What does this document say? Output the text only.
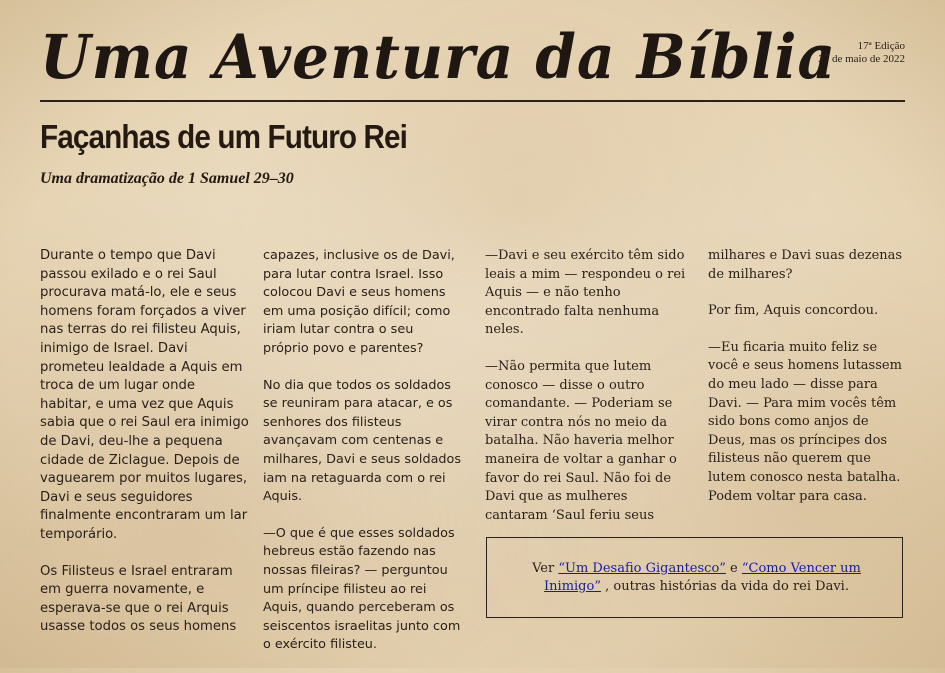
Uma Aventura da Bíblia	17ª Edição
27 de maio de 2022
Façanhas de um Futuro Rei
Uma dramatização de 1 Samuel 29–30

Durante o tempo que Davi passou exilado e o rei Saul procurava matá-lo, ele e seus homens foram forçados a viver nas terras do rei filisteu Aquis, inimigo de Israel. Davi prometeu lealdade a Aquis em troca de um lugar onde habitar, e uma vez que Aquis sabia que o rei Saul era inimigo de Davi, deu-lhe a pequena cidade de Ziclague. Depois de vaguearem por muitos lugares, Davi e seus seguidores finalmente encontraram um lar temporário.

Os Filisteus e Israel entraram em guerra novamente, e esperava-se que o rei Arquis usasse todos os seus homens

capazes, inclusive os de Davi, para lutar contra Israel. Isso colocou Davi e seus homens em uma posição difícil; como iriam lutar contra o seu próprio povo e parentes?

No dia que todos os soldados se reuniram para atacar, e os senhores dos filisteus avançavam com centenas e milhares, Davi e seus soldados iam na retaguarda com o rei Aquis.

—O que é que esses soldados hebreus estão fazendo nas nossas fileiras? — perguntou um príncipe filisteu ao rei Aquis, quando perceberam os seiscentos israelitas junto com o exército filisteu.

—Davi e seu exército têm sido leais a mim — respondeu o rei Aquis — e não tenho encontrado falta nenhuma neles.

—Não permita que lutem conosco — disse o outro comandante. — Poderiam se virar contra nós no meio da batalha. Não haveria melhor maneira de voltar a ganhar o favor do rei Saul. Não foi de Davi que as mulheres cantaram ‘Saul feriu seus

milhares e Davi suas dezenas de milhares?

Por fim, Aquis concordou.

—Eu ficaria muito feliz se você e seus homens lutassem do meu lado — disse para Davi. — Para mim vocês têm sido bons como anjos de Deus, mas os príncipes dos filisteus não querem que lutem conosco nesta batalha. Podem voltar para casa.

Ver “Um Desafio Gigantesco” e “Como Vencer um Inimigo” , outras histórias da vida do rei Davi.
